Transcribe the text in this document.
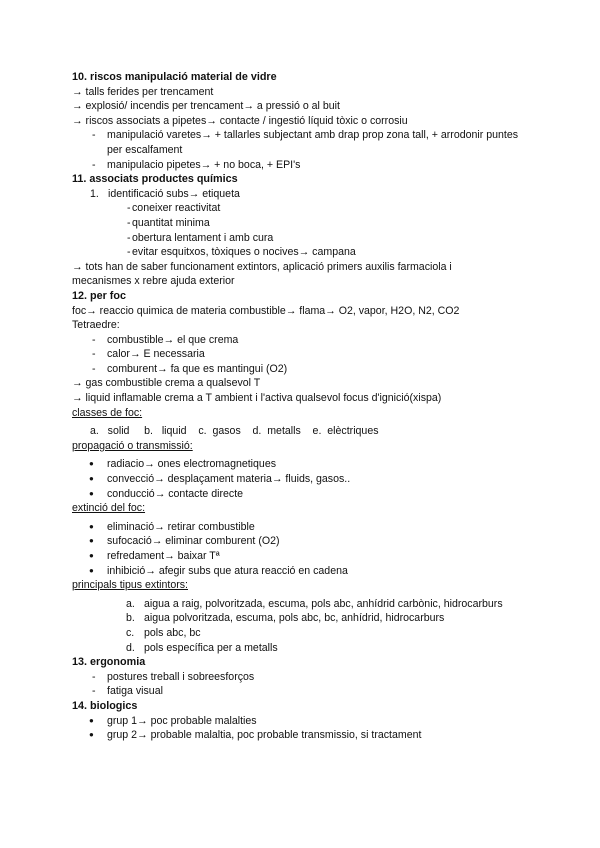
10. riscos manipulació material de vidre
→ talls ferides per trencament
→ explosió/ incendis per trencament→ a pressió o al buit
→ riscos associats a pipetes→ contacte / ingestió líquid tòxic o corrosiu
- manipulació varetes→ + tallarles subjectant amb drap prop zona tall, + arrodonir puntes per escalfament
- manipulacio pipetes→ + no boca, + EPI's
11. associats productes químics
1. identificació subs→ etiqueta
- coneixer reactivitat
- quantitat minima
- obertura lentament i amb cura
- evitar esquitxos, tòxiques o nocives→ campana
→ tots han de saber funcionament extintors, aplicació primers auxilis farmaciola i mecanismes x rebre ajuda exterior
12. per foc
foc→ reaccio quimica de materia combustible→ flama→ O2, vapor, H2O, N2, CO2
Tetraedre:
- combustible→ el que crema
- calor→ E necessaria
- comburent→ fa que es mantingui (O2)
→ gas combustible crema a qualsevol T
→ liquid inflamable crema a T ambient i l'activa qualsevol focus d'ignició(xispa)
classes de foc:
a.   solid     b.   liquid    c.  gasos    d.  metalls    e.  elèctriques
propagació o transmissió:
● radiacio→ ones electromagnetiques
● convecció→ desplaçament materia→ fluids, gasos..
● conducció→ contacte directe
extinció del foc:
● eliminació→ retirar combustible
● sufocació→ eliminar comburent (O2)
● refredament→ baixar Tª
● inhibició→ afegir subs que atura reacció en cadena
principals tipus extintors:
a. aigua a raig, polvoritzada, escuma, pols abc, anhídrid carbònic, hidrocarburs
b. aigua polvoritzada, escuma, pols abc, bc, anhídrid, hidrocarburs
c. pols abc, bc
d. pols específica per a metalls
13. ergonomia
- postures treball i sobreesforços
- fatiga visual
14. biologics
● grup 1→ poc probable malalties
● grup 2→ probable malaltia, poc probable transmissio, si tractament
